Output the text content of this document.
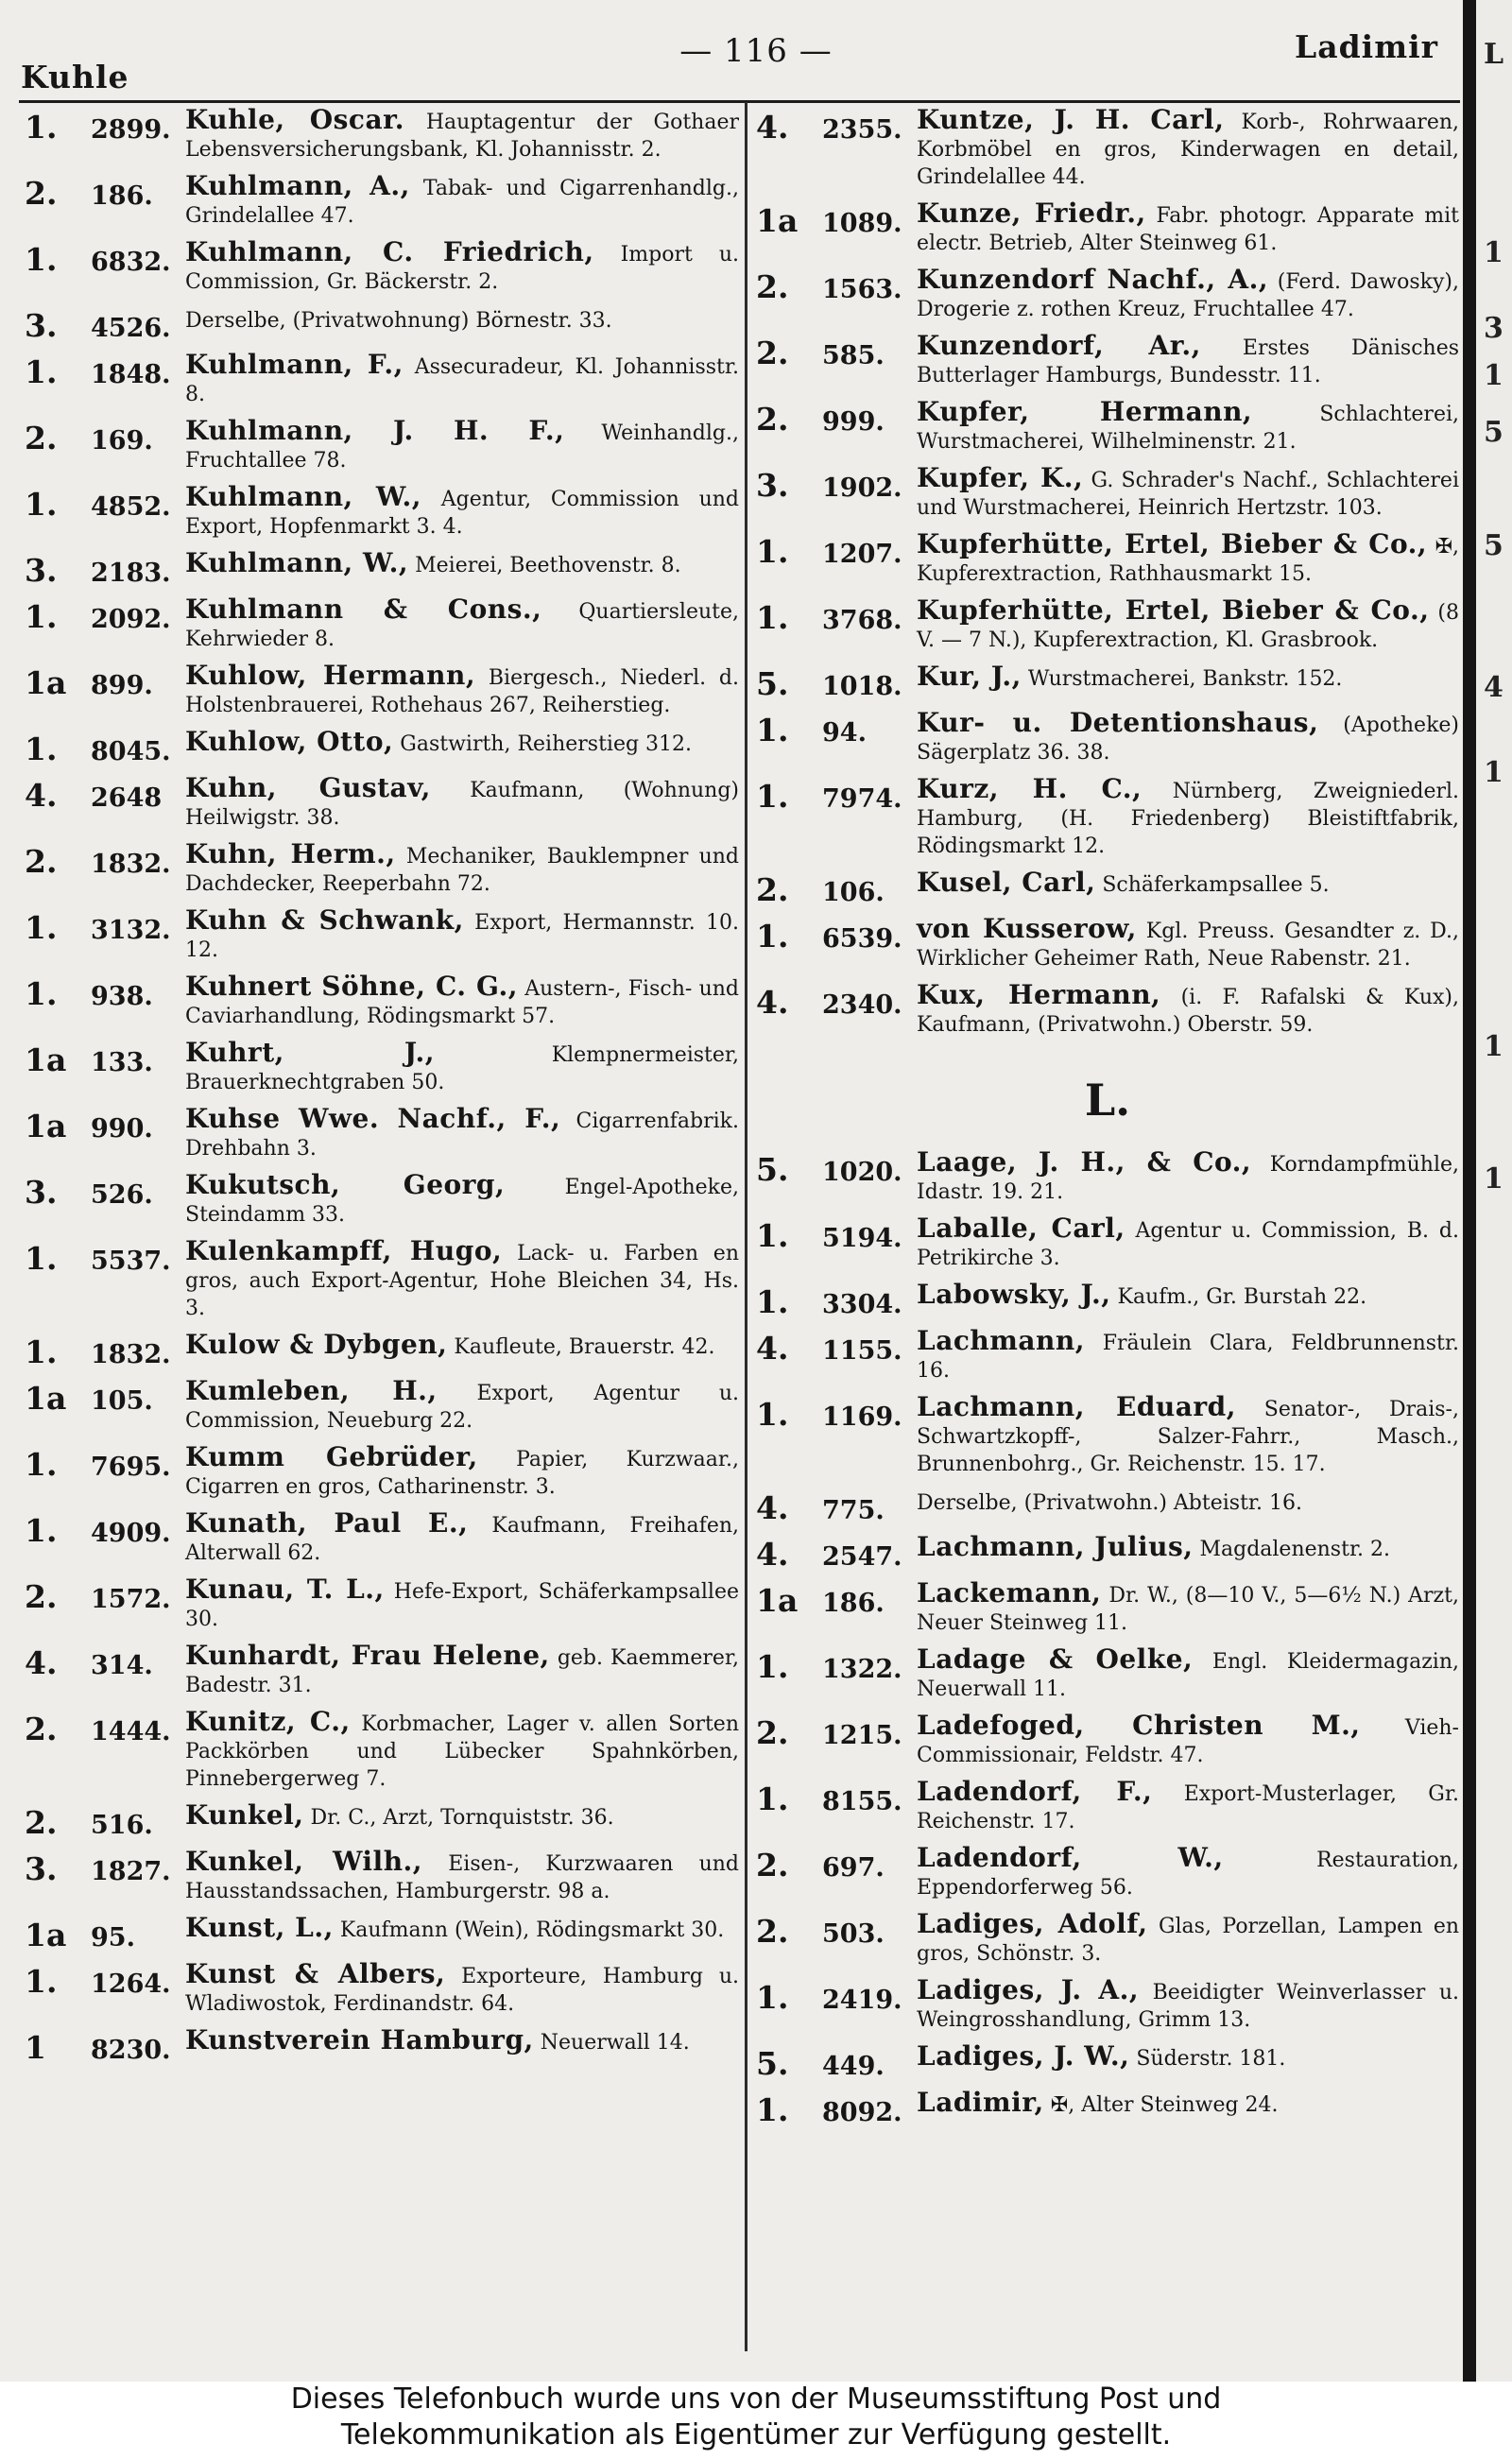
Kuhle
— 116 —	Ladimir
1. 2899. Kuhle, Oscar. Hauptagentur der Gothaer Lebensversicherungsbank, Kl. Johannisstr. 2.
2. 186.	Kuhlmann, A., Tabak- und Cigarrenhandlg., Grindelallee 47.
1. 6832. Kuhlmann, C. Friedrich, Import u. Commission, Gr. Bäckerstr. 2.
3. 4526. Derselbe, (Privatwohnung) Börnestr. 33.
1. 1848. Kuhlmann, F., Assecuradeur, Kl. Johannisstr. 8.
2. 169.	Kuhlmann, J. H. F., Weinhandlg., Fruchtallee 78.
1. 4852. Kuhlmann, W., Agentur, Commission und Export, Hopfenmarkt 3. 4.
3. 2183. Kuhlmann, W., Meierei, Beethovenstr. 8.
1. 2092. Kuhlmann & Cons., Quartiersleute, Kehrwieder 8.
1a 899.	Kuhlow, Hermann, Biergesch., Niederl. d. Holstenbrauerei, Rothehaus 267, Reiherstieg.
1. 8045. Kuhlow, Otto, Gastwirth, Reiherstieg 312.
4. 2648 Kuhn, Gustav, Kaufmann, (Wohnung) Heilwigstr. 38.
2. 1832. Kuhn, Herm., Mechaniker, Bauklempner und Dachdecker, Reeperbahn 72.
1. 3132. Kuhn & Schwank, Export, Hermannstr. 10. 12.
1. 938.	Kuhnert Söhne, C. G., Austern-, Fisch- und Caviarhandlung, Rödingsmarkt 57.
1a 133.	Kuhrt, J.,	Klempnermeister, Brauerknechtgraben 50.
1a 990.	Kuhse Wwe. Nachf., F., Cigarrenfabrik. Drehbahn 3.
3. 526.	Kukutsch, Georg,	Engel-Apotheke, Steindamm 33.
1. 5537. Kulenkampff, Hugo, Lack- u. Farben en gros, auch Export-Agentur, Hohe Bleichen 34, Hs. 3.
1. 1832. Kulow & Dybgen, Kaufleute, Brauerstr. 42.
1a 105.	Kumleben, H., Export, Agentur u. Commission, Neueburg 22.
1. 7695. Kumm Gebrüder, Papier, Kurzwaar., Cigarren en gros, Catharinenstr. 3.
1. 4909. Kunath, Paul E., Kaufmann, Freihafen, Alterwall 62.
2. 1572. Kunau, T. L., Hefe-Export, Schäferkampsallee 30.
4. 314.	Kunhardt, Frau Helene, geb. Kaemmerer, Badestr. 31.
2. 1444. Kunitz, C., Korbmacher, Lager v. allen Sorten Packkörben und Lübecker Spahnkörben, Pinnebergerweg 7.
2. 516.	Kunkel, Dr. C., Arzt, Tornquiststr. 36.
3. 1827. Kunkel, Wilh., Eisen-, Kurzwaaren und Hausstandssachen, Hamburgerstr. 98 a.
1a 95.	Kunst, L., Kaufmann (Wein), Rödingsmarkt 30.
1. 1264. Kunst & Albers, Exporteure, Hamburg u. Wladiwostok, Ferdinandstr. 64.
1 8230. Kunstverein Hamburg, Neuerwall 14.
4. 2355. Kuntze, J. H. Carl, Korb-, Rohrwaaren, Korbmöbel en gros, Kinderwagen en detail, Grindelallee 44.
1a 1089. Kunze, Friedr., Fabr. photogr. Apparate mit electr. Betrieb, Alter Steinweg 61.
2. 1563. Kunzendorf Nachf., A., (Ferd. Dawosky), Drogerie z. rothen Kreuz, Fruchtallee 47.
2. 585.	Kunzendorf, Ar., Erstes Dänisches Butterlager Hamburgs, Bundesstr. 11.
2. 999.	Kupfer, Hermann,	Schlachterei, Wurstmacherei, Wilhelminenstr. 21.
3. 1902. Kupfer, K., G. Schrader's Nachf., Schlachterei und Wurstmacherei, Heinrich Hertzstr. 103.
1. 1207. Kupferhütte, Ertel, Bieber & Co., ✠, Kupferextraction, Rathhausmarkt 15.
1. 3768. Kupferhütte, Ertel, Bieber & Co., (8 V. — 7 N.), Kupferextraction, Kl. Grasbrook.
5. 1018. Kur, J., Wurstmacherei, Bankstr. 152.
1. 94.	Kur- u. Detentionshaus, (Apotheke) Sägerplatz 36. 38.
1. 7974. Kurz, H. C., Nürnberg, Zweigniederl. Hamburg, (H. Friedenberg) Bleistiftfabrik, Rödingsmarkt 12.
2. 106.	Kusel, Carl, Schäferkampsallee 5.
1. 6539. von Kusserow, Kgl. Preuss. Gesandter z. D., Wirklicher Geheimer Rath, Neue Rabenstr. 21.
4. 2340. Kux, Hermann, (i. F. Rafalski & Kux), Kaufmann, (Privatwohn.) Oberstr. 59.
L.
5. 1020. Laage, J. H., & Co., Korndampfmühle, Idastr. 19. 21.
1. 5194. Laballe, Carl, Agentur u. Commission, B. d. Petrikirche 3.
1. 3304. Labowsky, J., Kaufm., Gr. Burstah 22.
4. 1155. Lachmann, Fräulein Clara, Feldbrunnenstr. 16.
1. 1169. Lachmann, Eduard, Senator-, Drais-, Schwartzkopff-, Salzer-Fahrr., Masch., Brunnenbohrg., Gr. Reichenstr. 15. 17.
4. 775.	Derselbe, (Privatwohn.) Abteistr. 16.
4. 2547. Lachmann, Julius, Magdalenenstr. 2.
1a 186.	Lackemann, Dr. W., (8—10 V., 5—6½ N.) Arzt, Neuer Steinweg 11.
1. 1322. Ladage & Oelke, Engl. Kleidermagazin, Neuerwall 11.
2. 1215. Ladefoged, Christen M., Vieh-Commissionair, Feldstr. 47.
1. 8155. Ladendorf, F., Export-Musterlager, Gr. Reichenstr. 17.
2. 697.	Ladendorf, W.,	Restauration, Eppendorferweg 56.
2. 503.	Ladiges, Adolf, Glas, Porzellan, Lampen en gros, Schönstr. 3.
1. 2419. Ladiges, J. A., Beeidigter Weinverlasser u. Weingrosshandlung, Grimm 13.
5. 449.	Ladiges, J. W., Süderstr. 181.
1. 8092. Ladimir, ✠, Alter Steinweg 24.
L
1
3
1
5
5
4
1
1
1
Dieses Telefonbuch wurde uns von der Museumsstiftung Post und
Telekommunikation als Eigentümer zur Verfügung gestellt.
